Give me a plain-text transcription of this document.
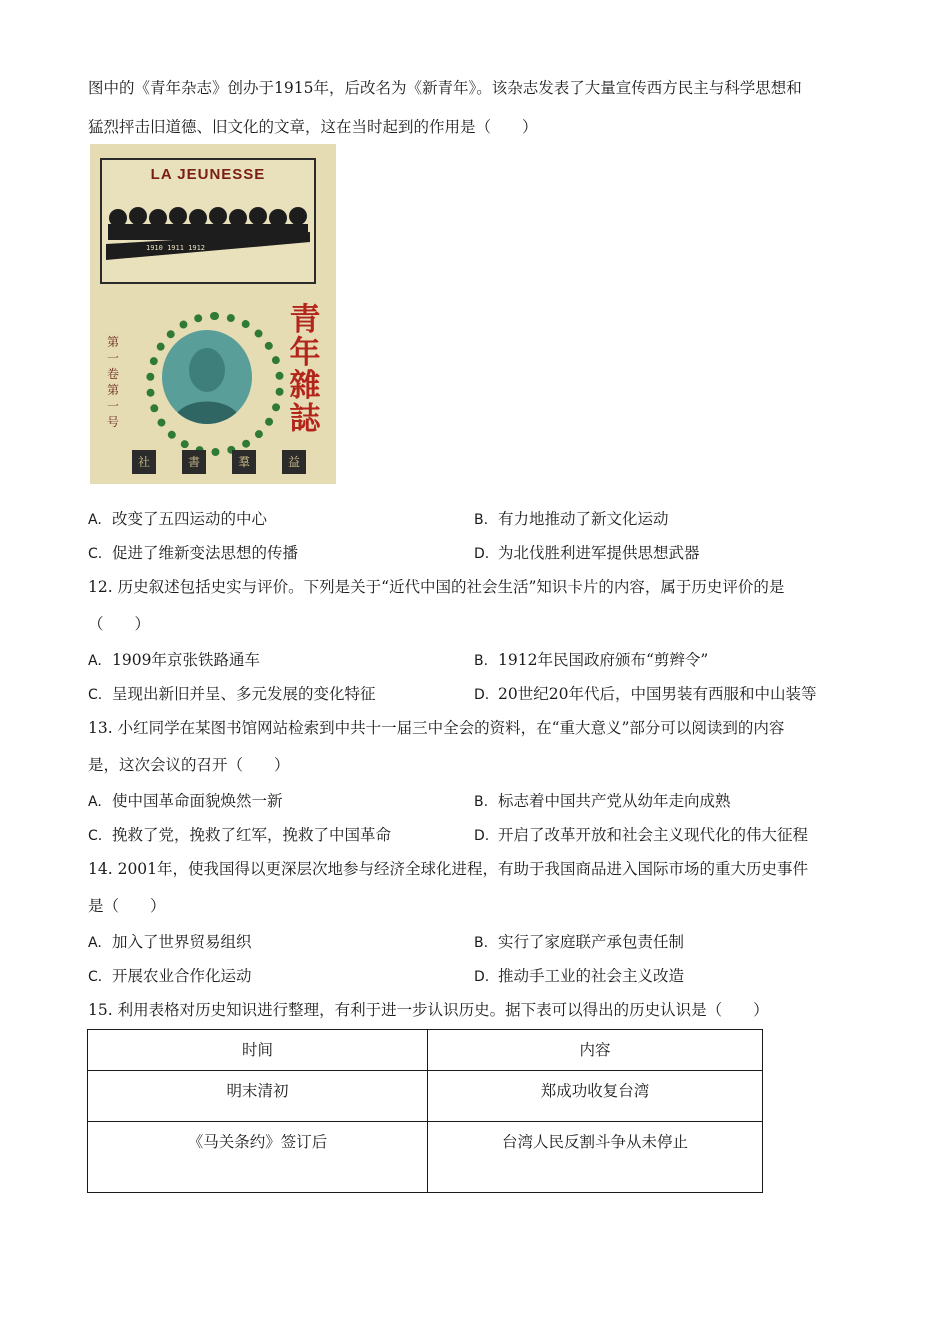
图中的《青年杂志》创办于1915年，后改名为《新青年》。该杂志发表了大量宣传西方民主与科学思想和
猛烈抨击旧道德、旧文化的文章，这在当时起到的作用是（　　）
LA JEUNESSE
1910 1911 1912
第一卷第一号
青年雜誌
社	書	羣	益
A. 改变了五四运动的中心	B. 有力地推动了新文化运动
C. 促进了维新变法思想的传播	D. 为北伐胜利进军提供思想武器
12. 历史叙述包括史实与评价。下列是关于“近代中国的社会生活”知识卡片的内容，属于历史评价的是
（　　）
A. 1909年京张铁路通车	B. 1912年民国政府颁布“剪辫令”
C. 呈现出新旧并呈、多元发展的变化特征	D. 20世纪20年代后，中国男装有西服和中山装等
13. 小红同学在某图书馆网站检索到中共十一届三中全会的资料，在“重大意义”部分可以阅读到的内容
是，这次会议的召开（　　）
A. 使中国革命面貌焕然一新	B. 标志着中国共产党从幼年走向成熟
C. 挽救了党，挽救了红军，挽救了中国革命	D. 开启了改革开放和社会主义现代化的伟大征程
14. 2001年，使我国得以更深层次地参与经济全球化进程，有助于我国商品进入国际市场的重大历史事件
是（　　）
A. 加入了世界贸易组织	B. 实行了家庭联产承包责任制
C. 开展农业合作化运动	D. 推动手工业的社会主义改造
15. 利用表格对历史知识进行整理，有利于进一步认识历史。据下表可以得出的历史认识是（　　）
时间	内容
明末清初	郑成功收复台湾
《马关条约》签订后	台湾人民反割斗争从未停止
